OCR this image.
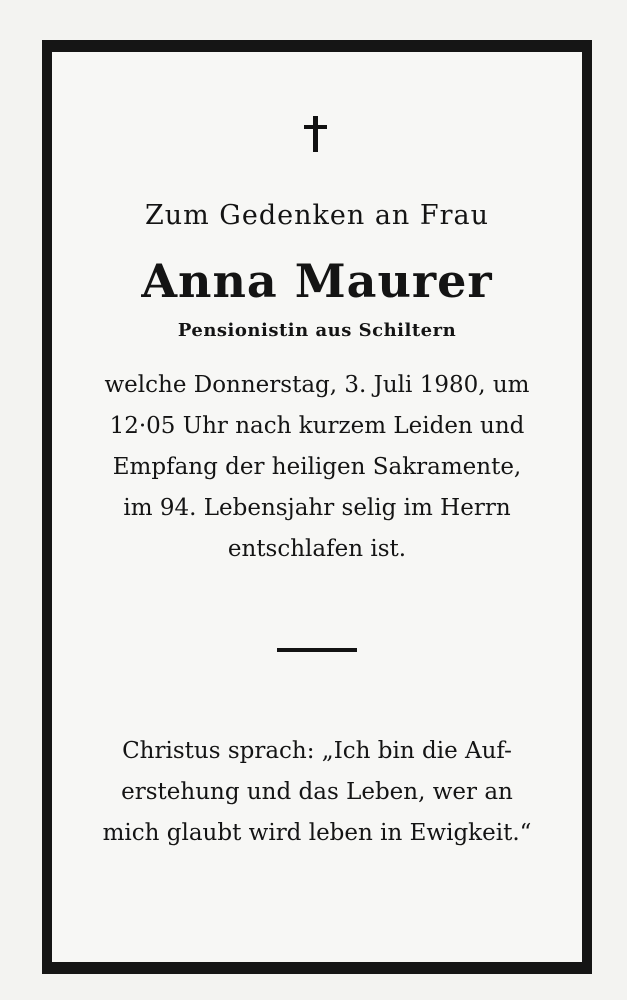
Zum Gedenken an Frau
Anna Maurer
Pensionistin aus Schiltern
welche Donnerstag, 3. Juli 1980, um
12·05 Uhr nach kurzem Leiden und
Empfang der heiligen Sakramente,
im 94. Lebensjahr selig im Herrn
entschlafen ist.
Christus sprach: „Ich bin die Auf-
erstehung und das Leben, wer an
mich glaubt wird leben in Ewigkeit.“
